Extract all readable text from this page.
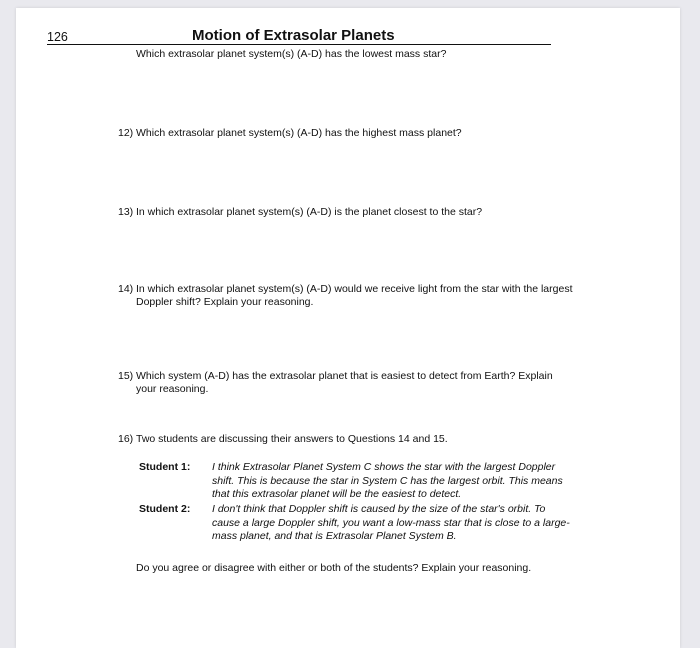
126	Motion of Extrasolar Planets
Which extrasolar planet system(s) (A-D) has the lowest mass star?
12) Which extrasolar planet system(s) (A-D) has the highest mass planet?
13) In which extrasolar planet system(s) (A-D) is the planet closest to the star?
14) In which extrasolar planet system(s) (A-D) would we receive light from the star with the largest
Doppler shift? Explain your reasoning.
15) Which system (A-D) has the extrasolar planet that is easiest to detect from Earth? Explain
your reasoning.
16) Two students are discussing their answers to Questions 14 and 15.
Student 1: I think Extrasolar Planet System C shows the star with the largest Doppler
shift. This is because the star in System C has the largest orbit. This means
that this extrasolar planet will be the easiest to detect.
Student 2: I don't think that Doppler shift is caused by the size of the star's orbit. To
cause a large Doppler shift, you want a low-mass star that is close to a large-
mass planet, and that is Extrasolar Planet System B.
Do you agree or disagree with either or both of the students? Explain your reasoning.
